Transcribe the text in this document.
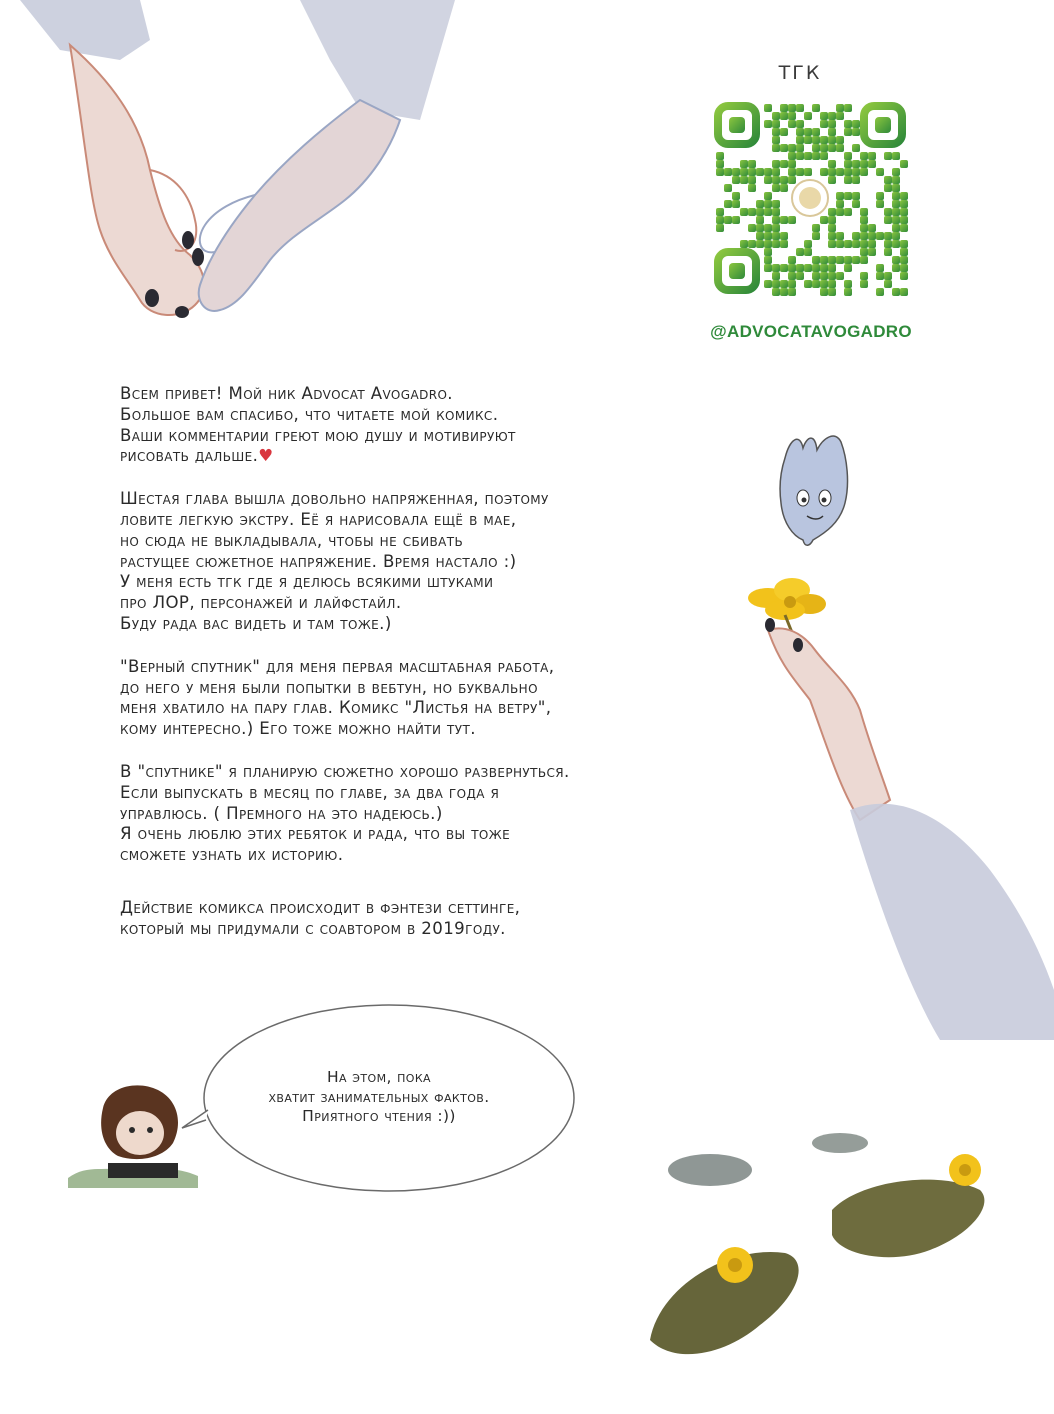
ТГК
@ADVOCATAVOGADRO
Всем привет! Мой ник Advocat Avogadro.
Большое вам спасибо, что читаете мой комикс.
Ваши комментарии греют мою душу и мотивируют
рисовать дальше.♥
Шестая глава вышла довольно напряженная, поэтому
ловите легкую экстру. Её я нарисовала ещё в мае,
но сюда не выкладывала, чтобы не сбивать
растущее сюжетное напряжение. Время настало :)
У меня есть тгк где я делюсь всякими штуками
про ЛОР, персонажей и лайфстайл.
Буду рада вас видеть и там тоже.)
"Верный спутник" для меня первая масштабная работа,
до него у меня были попытки в вебтун, но буквально
меня хватило на пару глав. Комикс "Листья на ветру",
кому интересно.) Его тоже можно найти тут.
В "спутнике" я планирую сюжетно хорошо развернуться.
Если выпускать в месяц по главе, за два года я
управлюсь. ( Премного на это надеюсь.)
Я очень люблю этих ребяток и рада, что вы тоже
сможете узнать их историю.
Действие комикса происходит в фэнтези сеттинге,
который мы придумали с соавтором в 2019году.
На этом, пока
хватит занимательных фактов.
Приятного чтения :))
